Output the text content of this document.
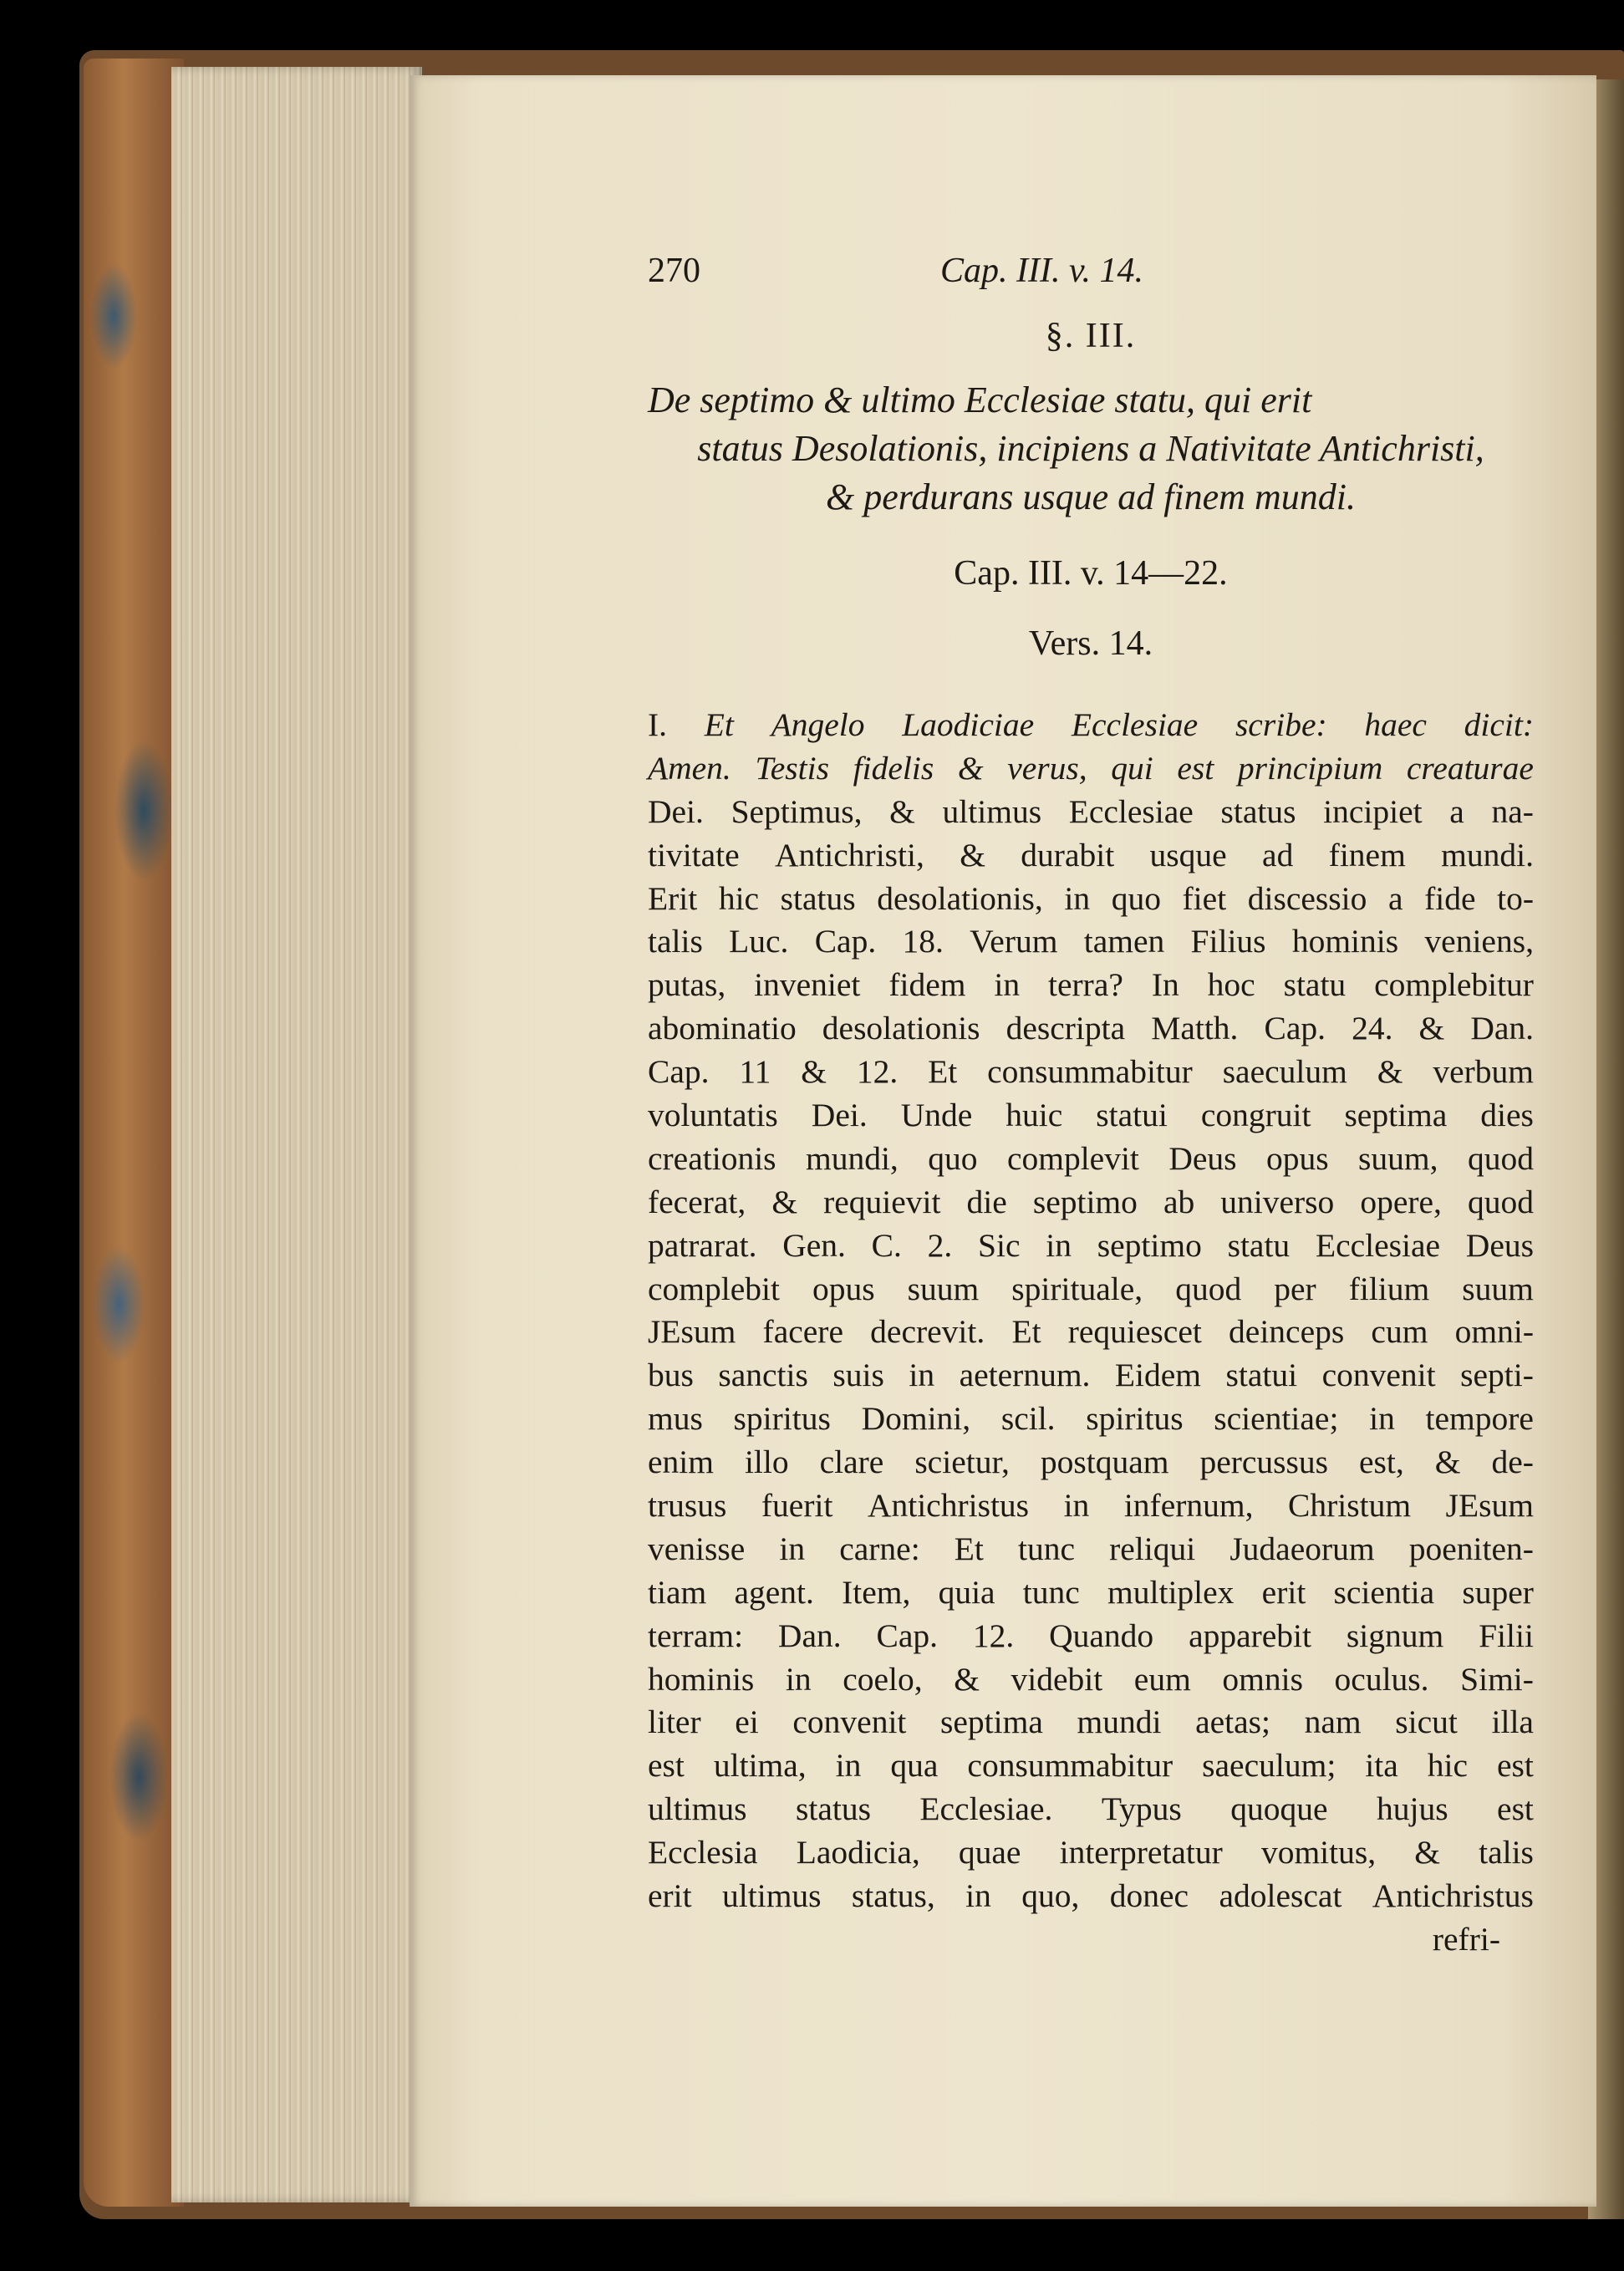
270	Cap. III. v. 14.
§. III.
De septimo & ultimo Ecclesiae statu, qui erit
status Desolationis, incipiens a Nativitate Antichristi,
& perdurans usque ad finem mundi.
Cap. III. v. 14—22.
Vers. 14.
I. Et Angelo Laodiciae Ecclesiae scribe: haec dicit:
Amen. Testis fidelis & verus, qui est principium creaturae
Dei. Septimus, & ultimus Ecclesiae status incipiet a na-
tivitate Antichristi, & durabit usque ad finem mundi.
Erit hic status desolationis, in quo fiet discessio a fide to-
talis Luc. Cap. 18. Verum tamen Filius hominis veniens,
putas, inveniet fidem in terra? In hoc statu complebitur
abominatio desolationis descripta Matth. Cap. 24. & Dan.
Cap. 11 & 12. Et consummabitur saeculum & verbum
voluntatis Dei. Unde huic statui congruit septima dies
creationis mundi, quo complevit Deus opus suum, quod
fecerat, & requievit die septimo ab universo opere, quod
patrarat. Gen. C. 2. Sic in septimo statu Ecclesiae Deus
complebit opus suum spirituale, quod per filium suum
JEsum facere decrevit. Et requiescet deinceps cum omni-
bus sanctis suis in aeternum. Eidem statui convenit septi-
mus spiritus Domini, scil. spiritus scientiae; in tempore
enim illo clare scietur, postquam percussus est, & de-
trusus fuerit Antichristus in infernum, Christum JEsum
venisse in carne: Et tunc reliqui Judaeorum poeniten-
tiam agent. Item, quia tunc multiplex erit scientia super
terram: Dan. Cap. 12. Quando apparebit signum Filii
hominis in coelo, & videbit eum omnis oculus. Simi-
liter ei convenit septima mundi aetas; nam sicut illa
est ultima, in qua consummabitur saeculum; ita hic est
ultimus status Ecclesiae. Typus quoque hujus est
Ecclesia Laodicia, quae interpretatur vomitus, & talis
erit ultimus status, in quo, donec adolescat Antichristus
refri-
